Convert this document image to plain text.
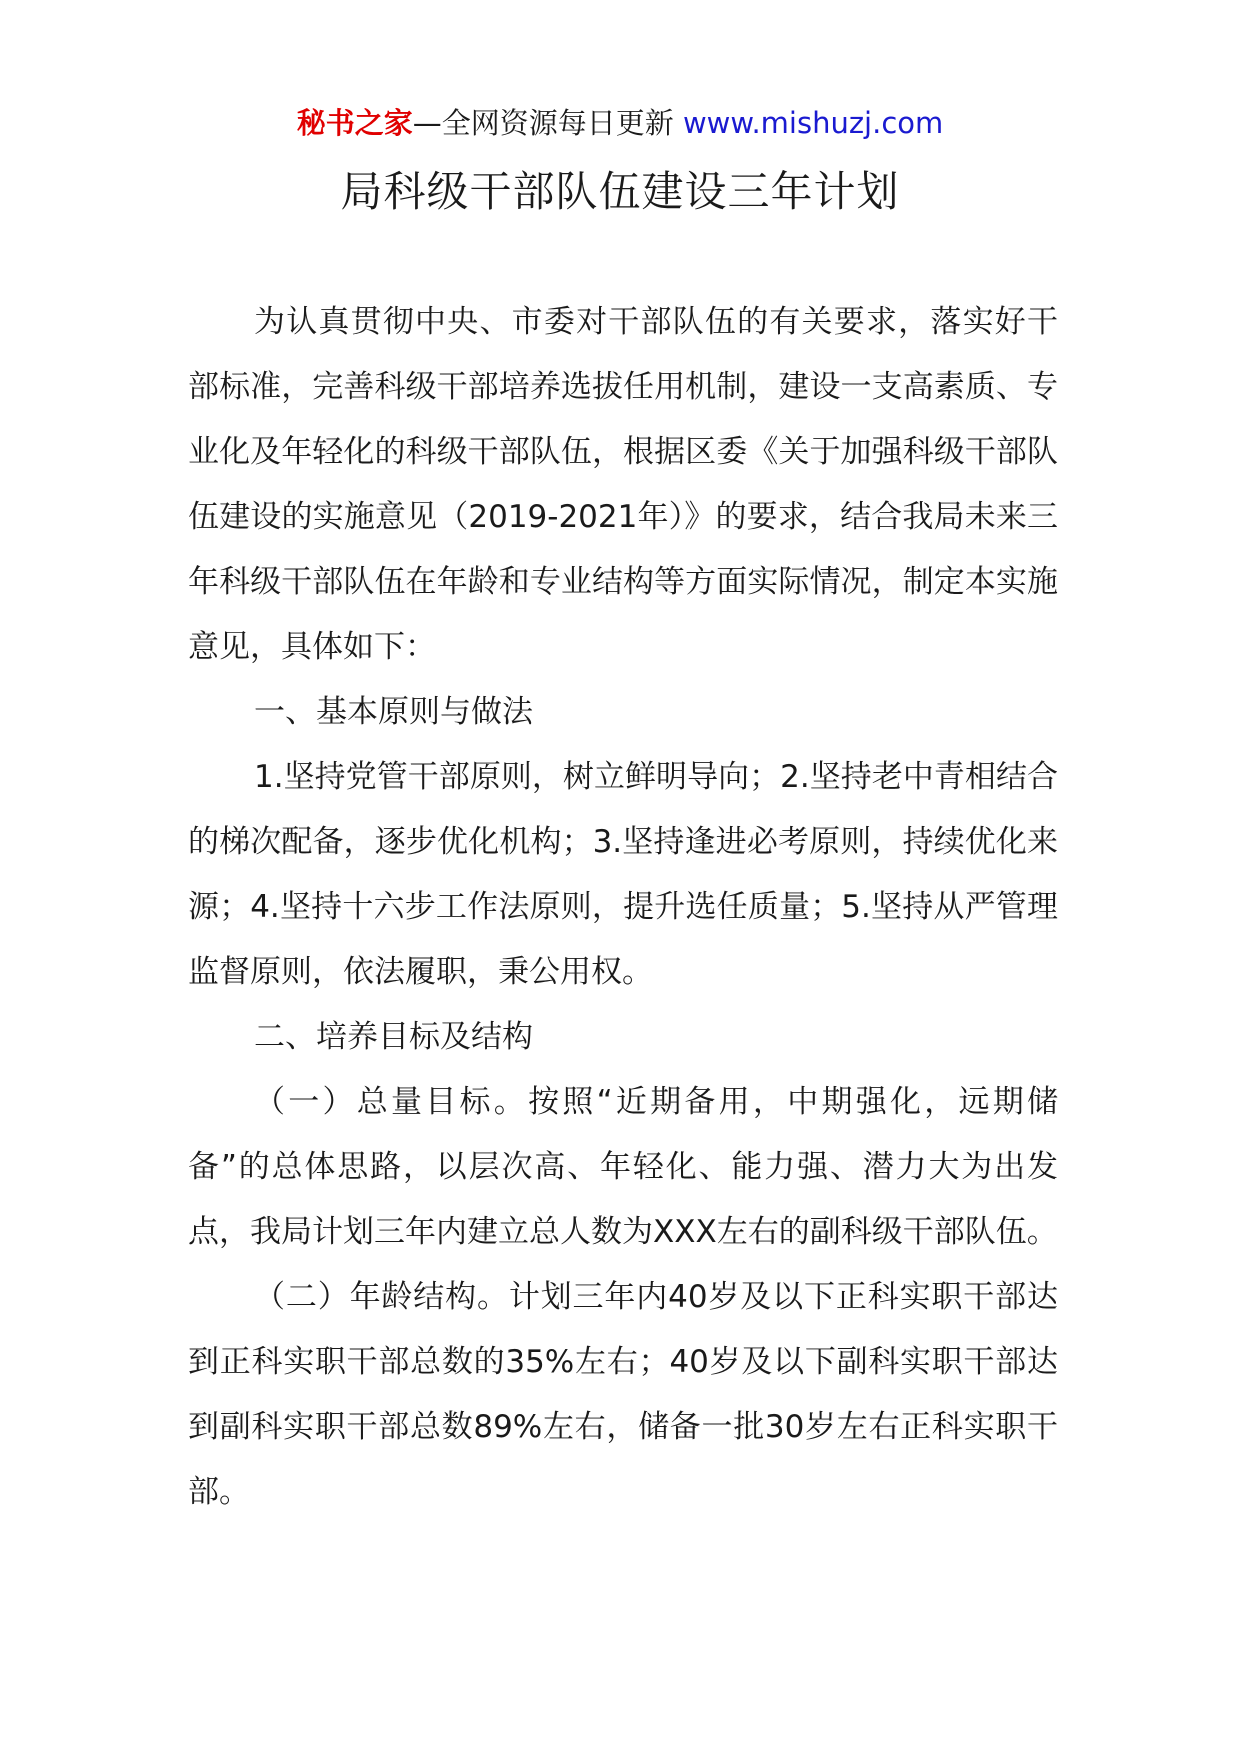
秘书之家—全网资源每日更新 www.mishuzj.com
局科级干部队伍建设三年计划

为认真贯彻中央、市委对干部队伍的有关要求，落实好干部标准，完善科级干部培养选拔任用机制，建设一支高素质、专业化及年轻化的科级干部队伍，根据区委《关于加强科级干部队伍建设的实施意见（2019-2021年）》的要求，结合我局未来三年科级干部队伍在年龄和专业结构等方面实际情况，制定本实施意见，具体如下：

一、基本原则与做法

1.坚持党管干部原则，树立鲜明导向；2.坚持老中青相结合的梯次配备，逐步优化机构；3.坚持逢进必考原则，持续优化来源；4.坚持十六步工作法原则，提升选任质量；5.坚持从严管理监督原则，依法履职，秉公用权。

二、培养目标及结构

（一）总量目标。按照“近期备用，中期强化，远期储备”的总体思路，以层次高、年轻化、能力强、潜力大为出发点，我局计划三年内建立总人数为XXX左右的副科级干部队伍。

（二）年龄结构。计划三年内40岁及以下正科实职干部达到正科实职干部总数的35%左右；40岁及以下副科实职干部达到副科实职干部总数89%左右，储备一批30岁左右正科实职干部。
